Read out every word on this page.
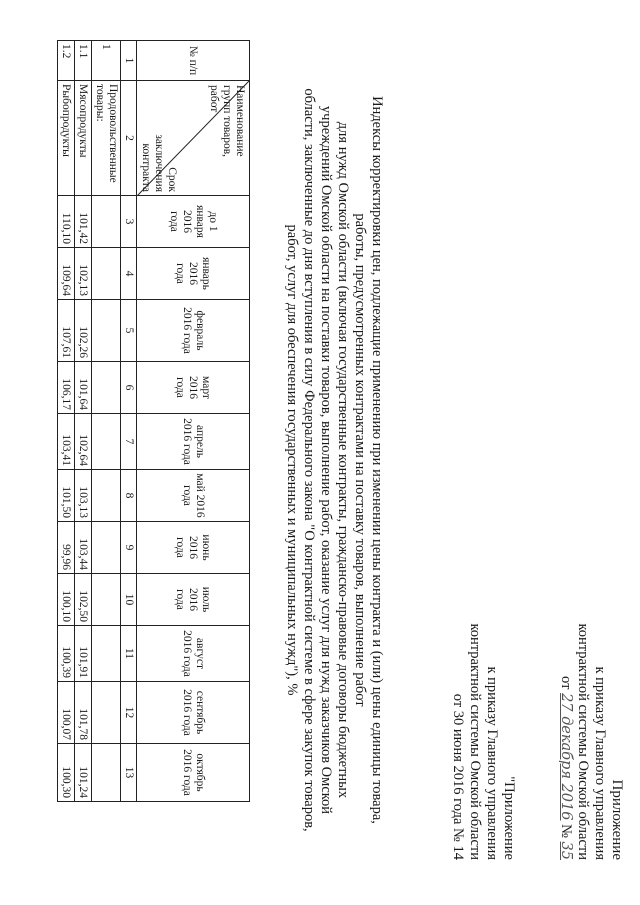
Приложение
к приказу Главного управления
контрактной системы Омской области
от 27 декабря 2016 № 35
"Приложение
к приказу Главного управления
контрактной системы Омской области
от 30 июня 2016 года № 14
Индексы корректировки цен, подлежащие применению при изменении цены контракта и (или) цены единицы товара,
работы, предусмотренных контрактами на поставку товаров, выполнение работ
для нужд Омской области (включая государственные контракты, гражданско-правовые договоры бюджетных
учреждений Омской области на поставки товаров, выполнение работ, оказание услуг для нужд заказчиков Омской
области, заключенные до дня вступления в силу Федерального закона "О контрактной системе в сфере закупок товаров,
работ, услуг для обеспечения государственных и муниципальных нужд"), %
№ п/п	Наименование групп товаров, работ
Срок заключения контракта	до 1 января 2016 года	январь 2016 года	февраль 2016 года	март 2016 года	апрель 2016 года	май 2016 года	июнь 2016 года	июль 2016 года	август 2016 года	сентябрь 2016 года	октябрь 2016 года
1	2	3	4	5	6	7	8	9	10	11	12	13
1	Продовольственные товары:											
1.1	Мясопродукты	101,42	102,13	102,26	101,64	102,64	103,13	103,44	102,50	101,91	101,78	101,24
1.2	Рыбопродукты	110,10	109,64	107,61	106,17	103,41	101,50	99,96	100,10	100,39	100,07	100,30
